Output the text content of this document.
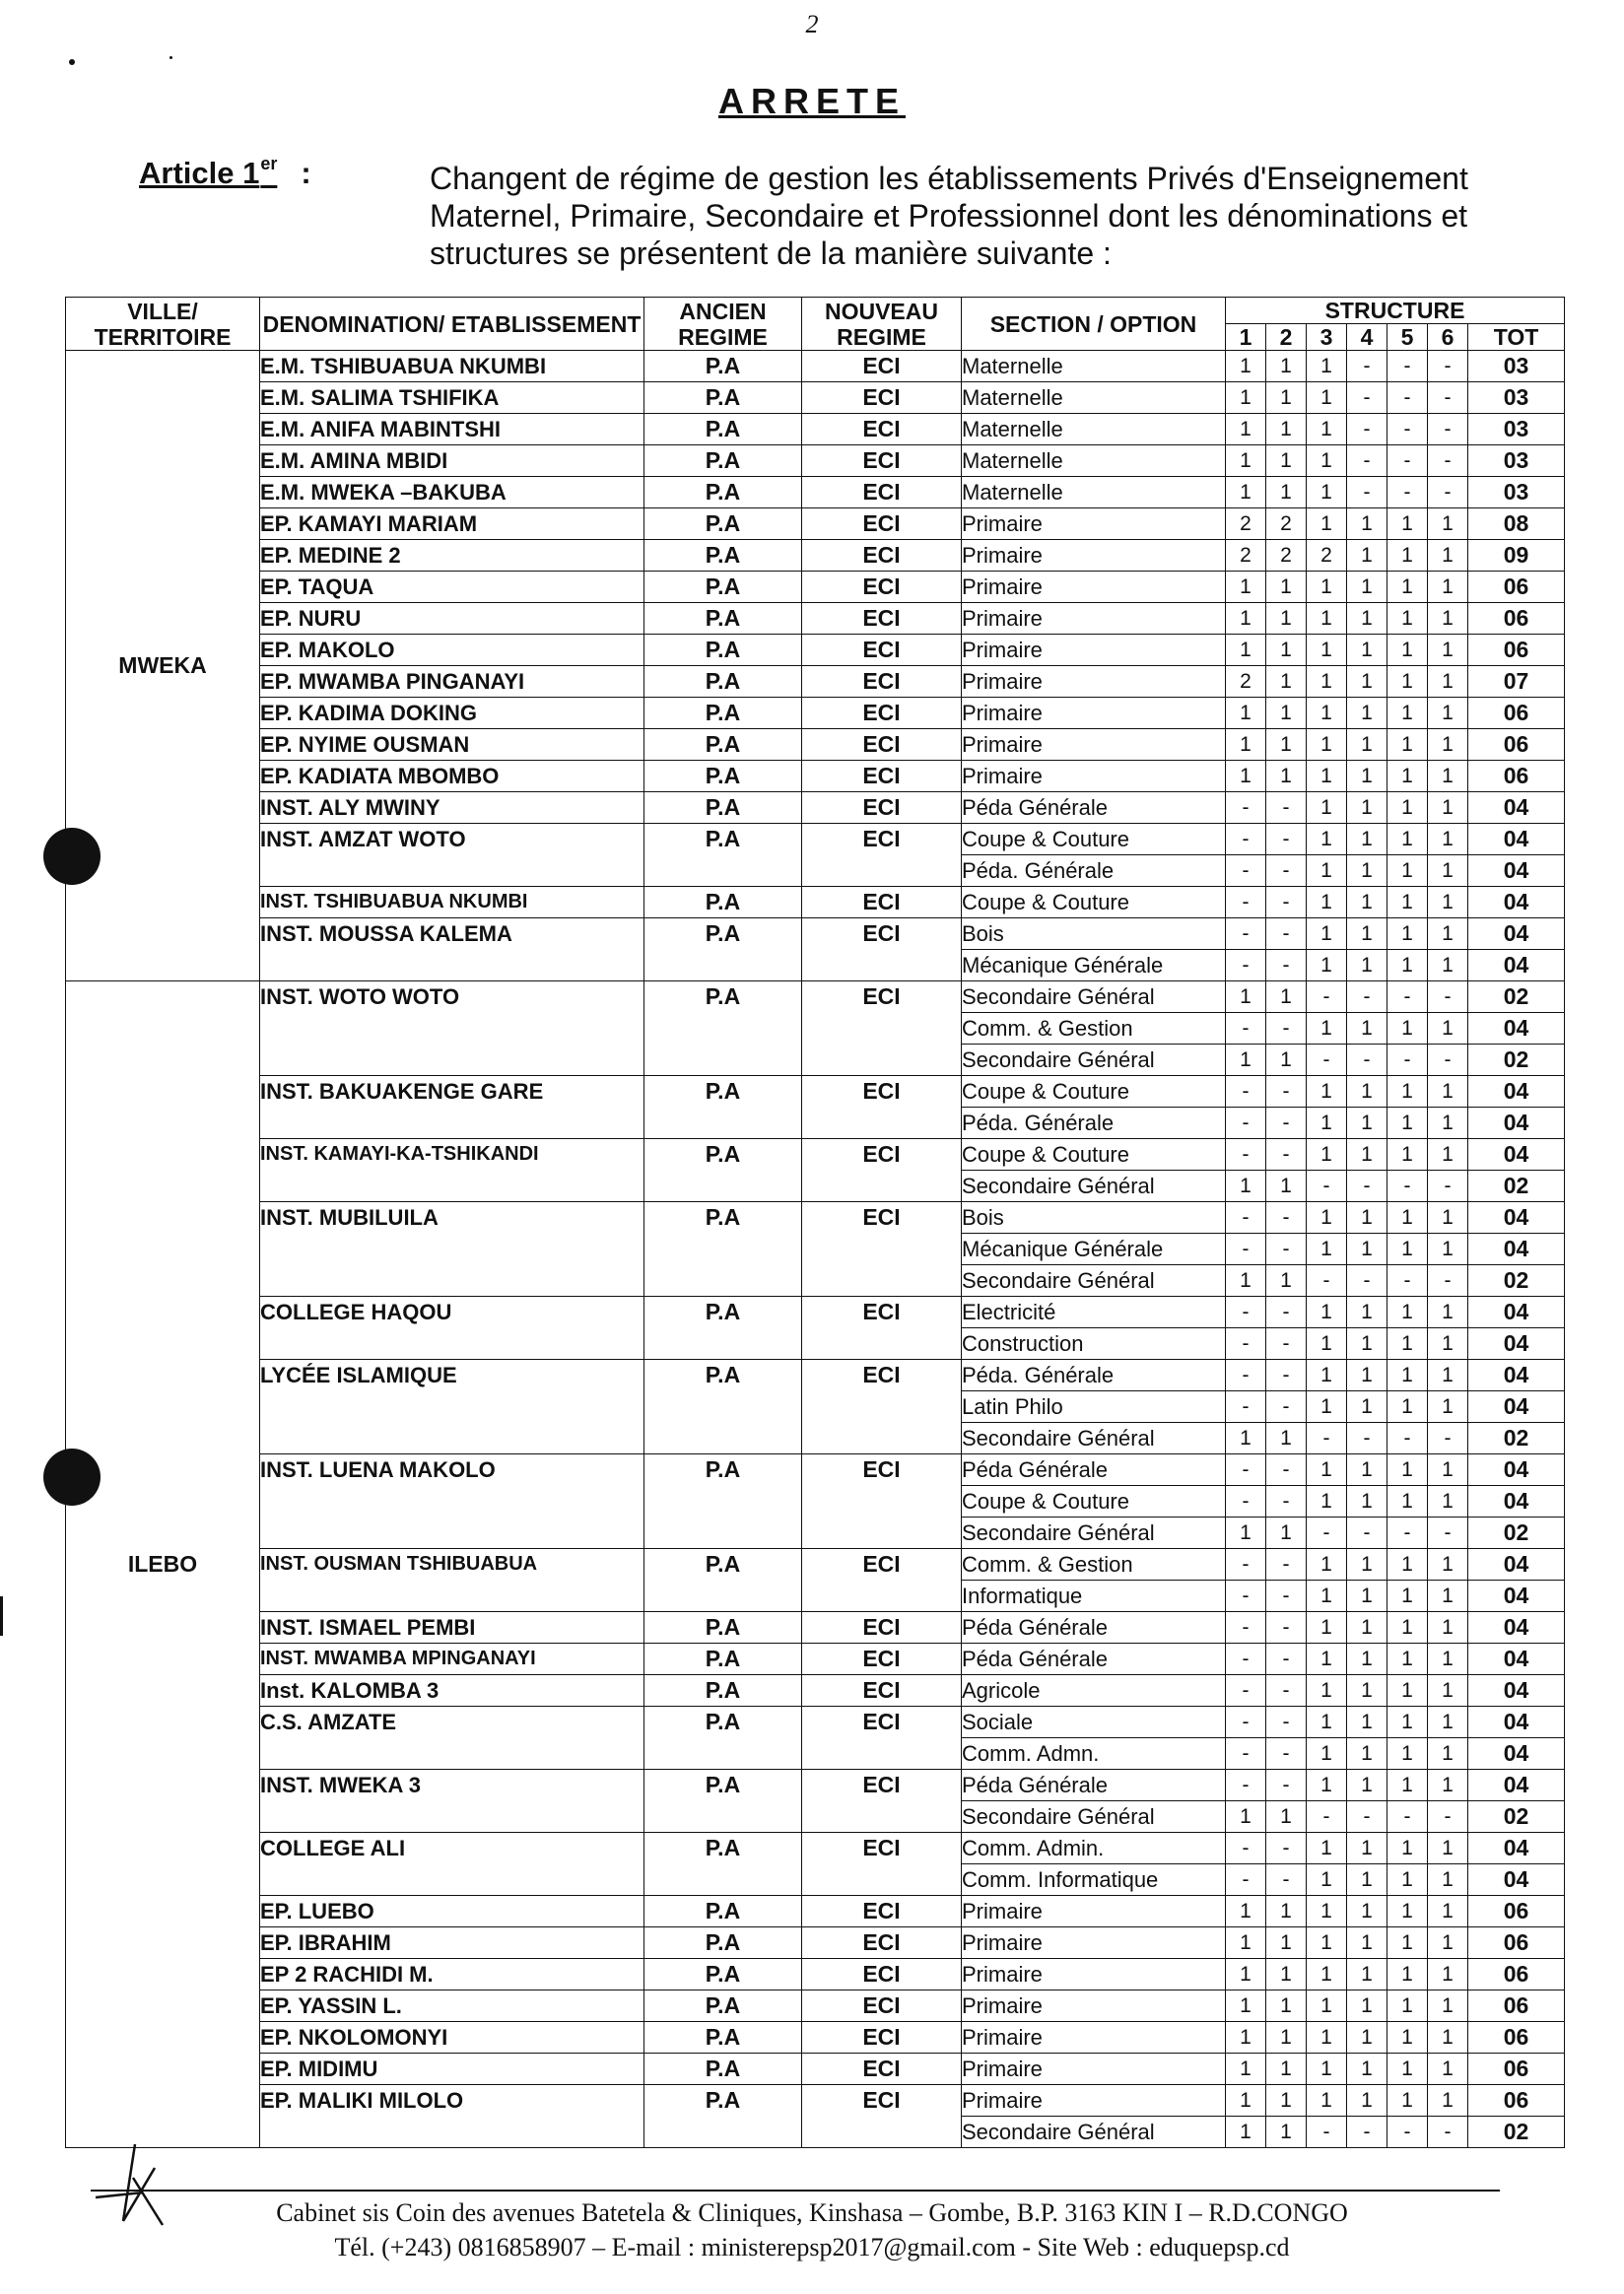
2
ARRETE
Article 1er :	Changent de régime de gestion les établissements Privés d'Enseignement Maternel, Primaire, Secondaire et Professionnel dont les dénominations et structures se présentent de la manière suivante :
VILLE/ TERRITOIRE	DENOMINATION/ ETABLISSEMENT	ANCIEN REGIME	NOUVEAU REGIME	SECTION / OPTION	STRUCTURE						
					1	2	3	4	5	6	TOT
MWEKA	E.M. TSHIBUABUA NKUMBI	P.A	ECI	Maternelle	1	1	1	-	-	-	03
	E.M. SALIMA TSHIFIKA	P.A	ECI	Maternelle	1	1	1	-	-	-	03
	E.M. ANIFA MABINTSHI	P.A	ECI	Maternelle	1	1	1	-	-	-	03
	E.M. AMINA MBIDI	P.A	ECI	Maternelle	1	1	1	-	-	-	03
	E.M. MWEKA –BAKUBA	P.A	ECI	Maternelle	1	1	1	-	-	-	03
	EP. KAMAYI MARIAM	P.A	ECI	Primaire	2	2	1	1	1	1	08
	EP. MEDINE 2	P.A	ECI	Primaire	2	2	2	1	1	1	09
	EP. TAQUA	P.A	ECI	Primaire	1	1	1	1	1	1	06
	EP. NURU	P.A	ECI	Primaire	1	1	1	1	1	1	06
	EP. MAKOLO	P.A	ECI	Primaire	1	1	1	1	1	1	06
	EP. MWAMBA PINGANAYI	P.A	ECI	Primaire	2	1	1	1	1	1	07
	EP. KADIMA DOKING	P.A	ECI	Primaire	1	1	1	1	1	1	06
	EP. NYIME OUSMAN	P.A	ECI	Primaire	1	1	1	1	1	1	06
	EP. KADIATA MBOMBO	P.A	ECI	Primaire	1	1	1	1	1	1	06
	INST. ALY MWINY	P.A	ECI	Péda Générale	-	-	1	1	1	1	04
	INST. AMZAT WOTO	P.A	ECI	Coupe & Couture	-	-	1	1	1	1	04
				Péda. Générale	-	-	1	1	1	1	04
	INST. TSHIBUABUA NKUMBI	P.A	ECI	Coupe & Couture	-	-	1	1	1	1	04
	INST. MOUSSA KALEMA	P.A	ECI	Bois	-	-	1	1	1	1	04
				Mécanique Générale	-	-	1	1	1	1	04
ILEBO	INST. WOTO WOTO	P.A	ECI	Secondaire Général	1	1	-	-	-	-	02
				Comm. & Gestion	-	-	1	1	1	1	04
				Secondaire Général	1	1	-	-	-	-	02
	INST. BAKUAKENGE GARE	P.A	ECI	Coupe & Couture	-	-	1	1	1	1	04
				Péda. Générale	-	-	1	1	1	1	04
	INST. KAMAYI-KA-TSHIKANDI	P.A	ECI	Coupe & Couture	-	-	1	1	1	1	04
				Secondaire Général	1	1	-	-	-	-	02
	INST. MUBILUILA	P.A	ECI	Bois	-	-	1	1	1	1	04
				Mécanique Générale	-	-	1	1	1	1	04
				Secondaire Général	1	1	-	-	-	-	02
	COLLEGE HAQOU	P.A	ECI	Electricité	-	-	1	1	1	1	04
				Construction	-	-	1	1	1	1	04
	LYCÉE ISLAMIQUE	P.A	ECI	Péda. Générale	-	-	1	1	1	1	04
				Latin Philo	-	-	1	1	1	1	04
				Secondaire Général	1	1	-	-	-	-	02
	INST. LUENA MAKOLO	P.A	ECI	Péda Générale	-	-	1	1	1	1	04
				Coupe & Couture	-	-	1	1	1	1	04
				Secondaire Général	1	1	-	-	-	-	02
	INST. OUSMAN TSHIBUABUA	P.A	ECI	Comm. & Gestion	-	-	1	1	1	1	04
				Informatique	-	-	1	1	1	1	04
	INST. ISMAEL PEMBI	P.A	ECI	Péda Générale	-	-	1	1	1	1	04
	INST. MWAMBA MPINGANAYI	P.A	ECI	Péda Générale	-	-	1	1	1	1	04
	Inst. KALOMBA 3	P.A	ECI	Agricole	-	-	1	1	1	1	04
	C.S. AMZATE	P.A	ECI	Sociale	-	-	1	1	1	1	04
				Comm. Admn.	-	-	1	1	1	1	04
	INST. MWEKA 3	P.A	ECI	Péda Générale	-	-	1	1	1	1	04
				Secondaire Général	1	1	-	-	-	-	02
	COLLEGE ALI	P.A	ECI	Comm. Admin.	-	-	1	1	1	1	04
				Comm. Informatique	-	-	1	1	1	1	04
	EP. LUEBO	P.A	ECI	Primaire	1	1	1	1	1	1	06
	EP. IBRAHIM	P.A	ECI	Primaire	1	1	1	1	1	1	06
	EP 2 RACHIDI M.	P.A	ECI	Primaire	1	1	1	1	1	1	06
	EP. YASSIN L.	P.A	ECI	Primaire	1	1	1	1	1	1	06
	EP. NKOLOMONYI	P.A	ECI	Primaire	1	1	1	1	1	1	06
	EP. MIDIMU	P.A	ECI	Primaire	1	1	1	1	1	1	06
	EP. MALIKI MILOLO	P.A	ECI	Primaire	1	1	1	1	1	1	06
				Secondaire Général	1	1	-	-	-	-	02
Cabinet sis Coin des avenues Batetela & Cliniques, Kinshasa – Gombe, B.P. 3163 KIN I – R.D.CONGO
Tél. (+243) 0816858907 – E-mail : ministerepsp2017@gmail.com - Site Web : eduquepsp.cd
